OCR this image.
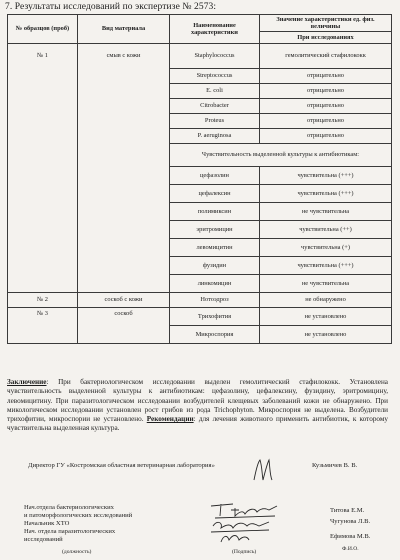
7. Результаты исследований по экспертизе № 2573:
№ образцов (проб)	Вид материала	Наименование характеристики	Значение характеристики ед. физ. величины
			При исследованиях
№ 1	смыв с кожи	Staphylococcus	гемолитический стафилококк
		Streptococcus	отрицательно
		E. coli	отрицательно
		Citrobacter	отрицательно
		Proteus	отрицательно
		P. aeruginosa	отрицательно
		Чувствительность выделенной культуры к антибиотикам:	
		цефазолин	чувствительна (+++)
		цефалексин	чувствительна (+++)
		полимиксин	не чувствительна
		эритромицин	чувствительна (++)
		левомицитин	чувствительна (+)
		фузидин	чувствительна (+++)
		линкомицин	не чувствительна
№ 2	соскоб с кожи	Нотоэдроз	не обнаружено
№ 3	соскоб	Трихофития	не установлено
		Микроспория	не установлено
Заключение: При бактериологическом исследовании выделен гемолитический стафилококк. Установлена чувствительность выделенной культуры к антибиотикам: цефазолину, цефалексину, фузидину, эритромицину, левомицитину. При паразитологическом исследовании возбудителей клещевых заболеваний кожи не обнаружено. При микологическом исследовании установлен рост грибов из рода Trichophyton. Микроспория не выделена. Возбудители трихофитии, микроспории не установлено. Рекомендации: для лечения животного применить антибиотик, к которому чувствительна выделенная культура.
Директор ГУ «Костромская областная ветеринарная лаборатория»	Кузьмичев В. В.
Нач.отдела бактериологических
и патоморфологических исследований
Начальник ХТО
Нач. отдела паразитологических
исследований
(должность)	(Подпись)
Титова Е.М.
Чугунова Л.В.
Ефимова М.В.
Ф.И.О.
